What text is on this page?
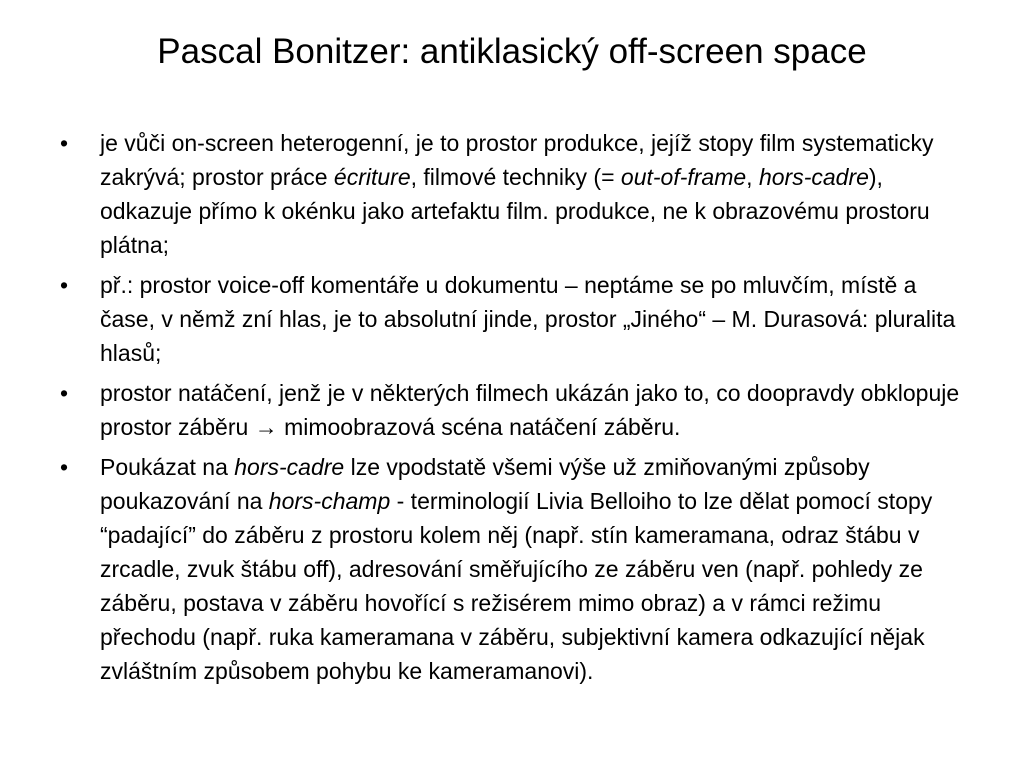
Pascal Bonitzer: antiklasický off-screen space
•	je vůči on-screen heterogenní, je to prostor produkce, jejíž stopy film systematicky zakrývá; prostor práce écriture, filmové techniky (= out-of-frame, hors-cadre), odkazuje přímo k okénku jako artefaktu film. produkce, ne k obrazovému prostoru plátna;
•	př.: prostor voice-off komentáře u dokumentu – neptáme se po mluvčím, místě a čase, v němž zní hlas, je to absolutní jinde, prostor „Jiného“ – M. Durasová: pluralita hlasů;
•	prostor natáčení, jenž je v některých filmech ukázán jako to, co doopravdy obklopuje prostor záběru → mimoobrazová scéna natáčení záběru.
•	Poukázat na hors-cadre lze vpodstatě všemi výše už zmiňovanými způsoby poukazování na hors-champ - terminologií Livia Belloiho to lze dělat pomocí stopy “padající” do záběru z prostoru kolem něj (např. stín kameramana, odraz štábu v zrcadle, zvuk štábu off), adresování směřujícího ze záběru ven (např. pohledy ze záběru, postava v záběru hovořící s režisérem mimo obraz) a v rámci režimu přechodu (např. ruka kameramana v záběru, subjektivní kamera odkazující nějak zvláštním způsobem pohybu ke kameramanovi).
